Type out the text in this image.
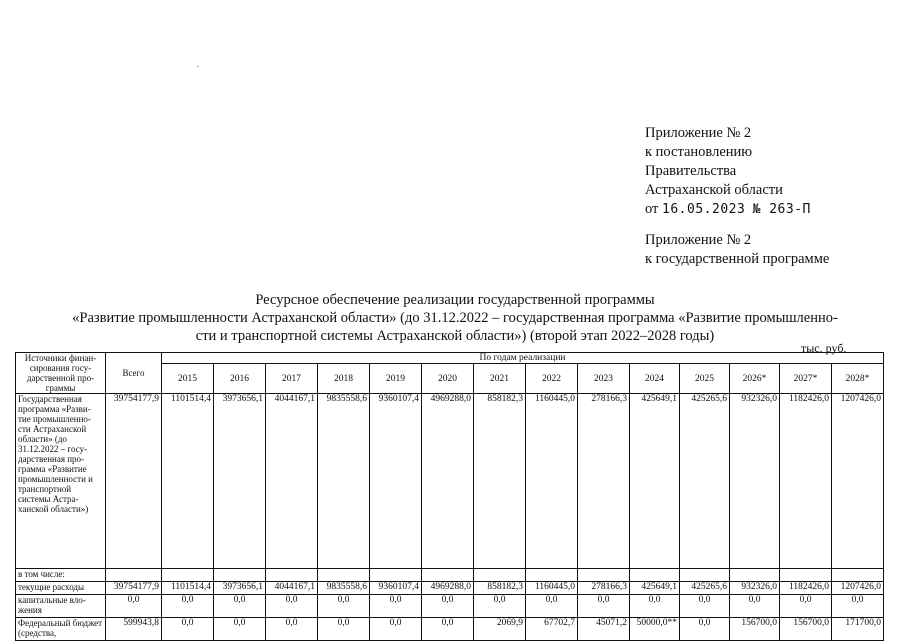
.
Приложение № 2
к постановлению
Правительства
Астраханской области
от 16.05.2023 № 263-П
Приложение № 2
к государственной программе
Ресурсное обеспечение реализации государственной программы
«Развитие промышленности Астраханской области» (до 31.12.2022 – государственная программа «Развитие промышленно-
сти и транспортной системы Астраханской области») (второй этап 2022–2028 годы)
тыс. руб.
Источники финан-сирования госу-дарственной про-граммы	Всего	По годам реализации													
		2015	2016	2017	2018	2019	2020	2021	2022	2023	2024	2025	2026*	2027*	2028*
Государственная программа «Разви-тие промышленно-сти Астраханской области» (до 31.12.2022 – госу-дарственная про-грамма «Развитие промышленности и транспортной системы Астра-ханской области»)	39754177,9	1101514,4	3973656,1	4044167,1	9835558,6	9360107,4	4969288,0	858182,3	1160445,0	278166,3	425649,1	425265,6	932326,0	1182426,0	1207426,0
в том числе:															
текущие расходы	39754177,9	1101514,4	3973656,1	4044167,1	9835558,6	9360107,4	4969288,0	858182,3	1160445,0	278166,3	425649,1	425265,6	932326,0	1182426,0	1207426,0
капитальные вло-жения	0,0	0,0	0,0	0,0	0,0	0,0	0,0	0,0	0,0	0,0	0,0	0,0	0,0	0,0	0,0
Федеральный бюджет (средства,	599943,8	0,0	0,0	0,0	0,0	0,0	0,0	2069,9	67702,7	45071,2	50000,0**	0,0	156700,0	156700,0	171700,0
